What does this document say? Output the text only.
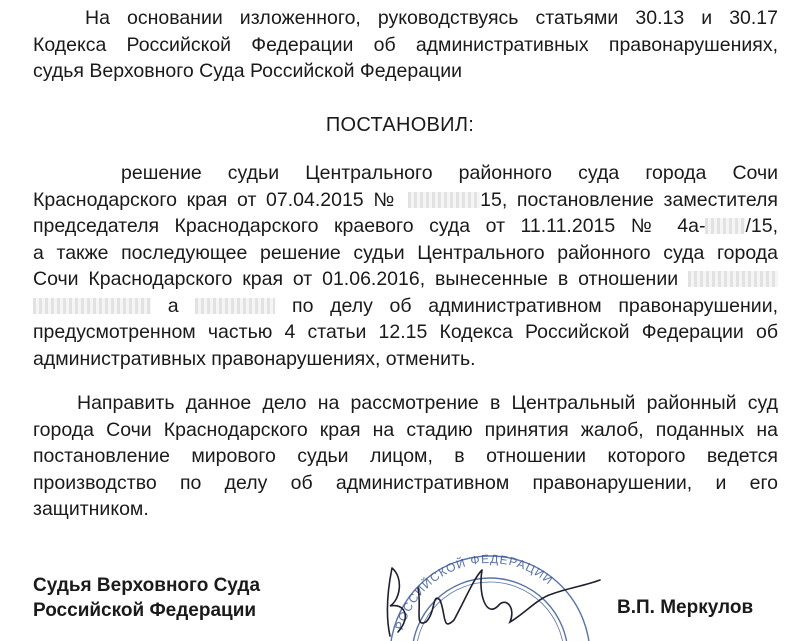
На основании изложенного, руководствуясь статьями 30.13 и 30.17
Кодекса Российской Федерации об административных правонарушениях,
судья Верховного Суда Российской Федерации
ПОСТАНОВИЛ:
решение судьи Центрального районного суда города Сочи
Краснодарского края от 07.04.2015 №	15, постановление заместителя
председателя Краснодарского краевого суда от 11.11.2015 № 4а- /15,
а также последующее решение судьи Центрального районного суда города
Сочи Краснодарского края от 01.06.2016, вынесенные в отношении
а	по делу об административном правонарушении,
предусмотренном частью 4 статьи 12.15 Кодекса Российской Федерации об
административных правонарушениях, отменить.
Направить данное дело на рассмотрение в Центральный районный суд
города Сочи Краснодарского края на стадию принятия жалоб, поданных на
постановление мирового судьи лицом, в отношении которого ведется
производство по делу об административном правонарушении, и его
защитником.
Судья Верховного Суда
Российской Федерации
РОССИЙСКОЙ ФЕДЕРАЦИИ
В.П. Меркулов
